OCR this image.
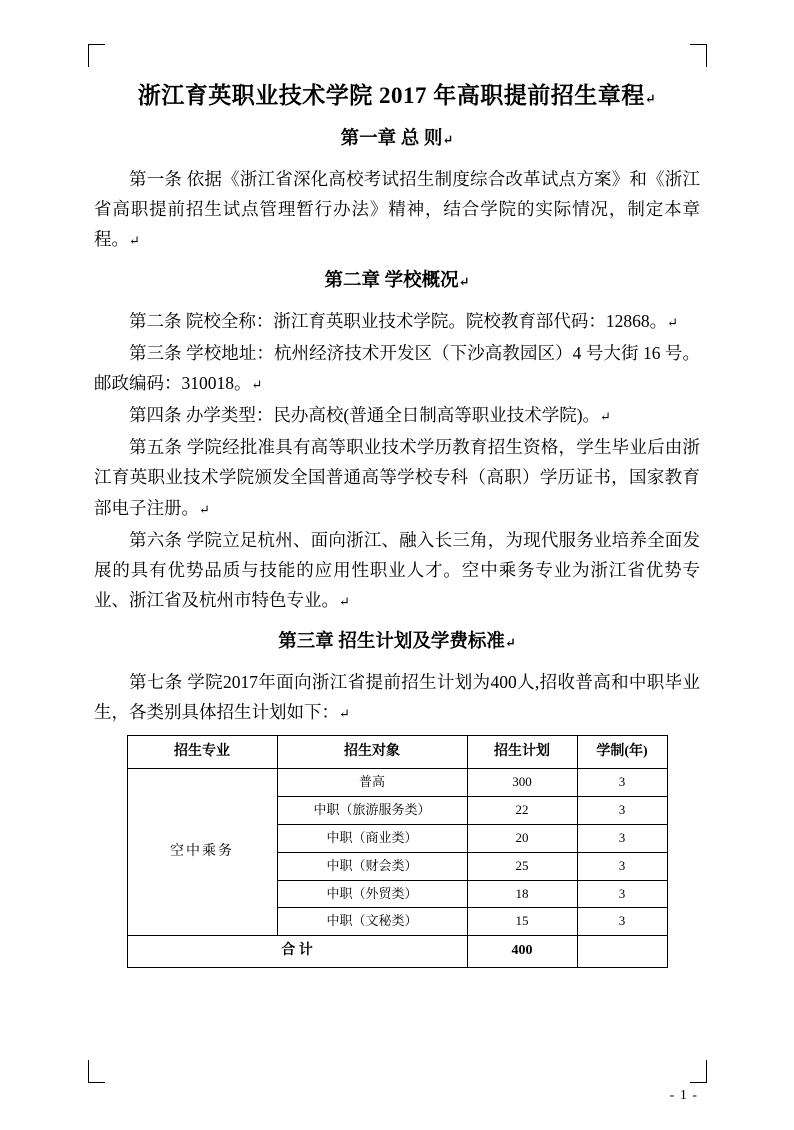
浙江育英职业技术学院 2017 年高职提前招生章程↵
第一章 总 则↵

第一条 依据《浙江省深化高校考试招生制度综合改革试点方案》和《浙江省高职提前招生试点管理暂行办法》精神，结合学院的实际情况，制定本章程。↵

第二章 学校概况↵

第二条 院校全称：浙江育英职业技术学院。院校教育部代码：12868。↵

第三条 学校地址：杭州经济技术开发区（下沙高教园区）4 号大街 16 号。邮政编码：310018。↵

第四条 办学类型：民办高校(普通全日制高等职业技术学院)。↵

第五条 学院经批准具有高等职业技术学历教育招生资格，学生毕业后由浙江育英职业技术学院颁发全国普通高等学校专科（高职）学历证书，国家教育部电子注册。↵

第六条 学院立足杭州、面向浙江、融入长三角，为现代服务业培养全面发展的具有优势品质与技能的应用性职业人才。空中乘务专业为浙江省优势专业、浙江省及杭州市特色专业。↵

第三章 招生计划及学费标准↵

第七条 学院2017年面向浙江省提前招生计划为400人,招收普高和中职毕业生，各类别具体招生计划如下：↵

招生专业	招生对象	招生计划	学制(年)
空中乘务	普高	300	3
	中职（旅游服务类）	22	3
	中职（商业类）	20	3
	中职（财会类）	25	3
	中职（外贸类）	18	3
	中职（文秘类）	15	3
合 计		400	
- 1 -
